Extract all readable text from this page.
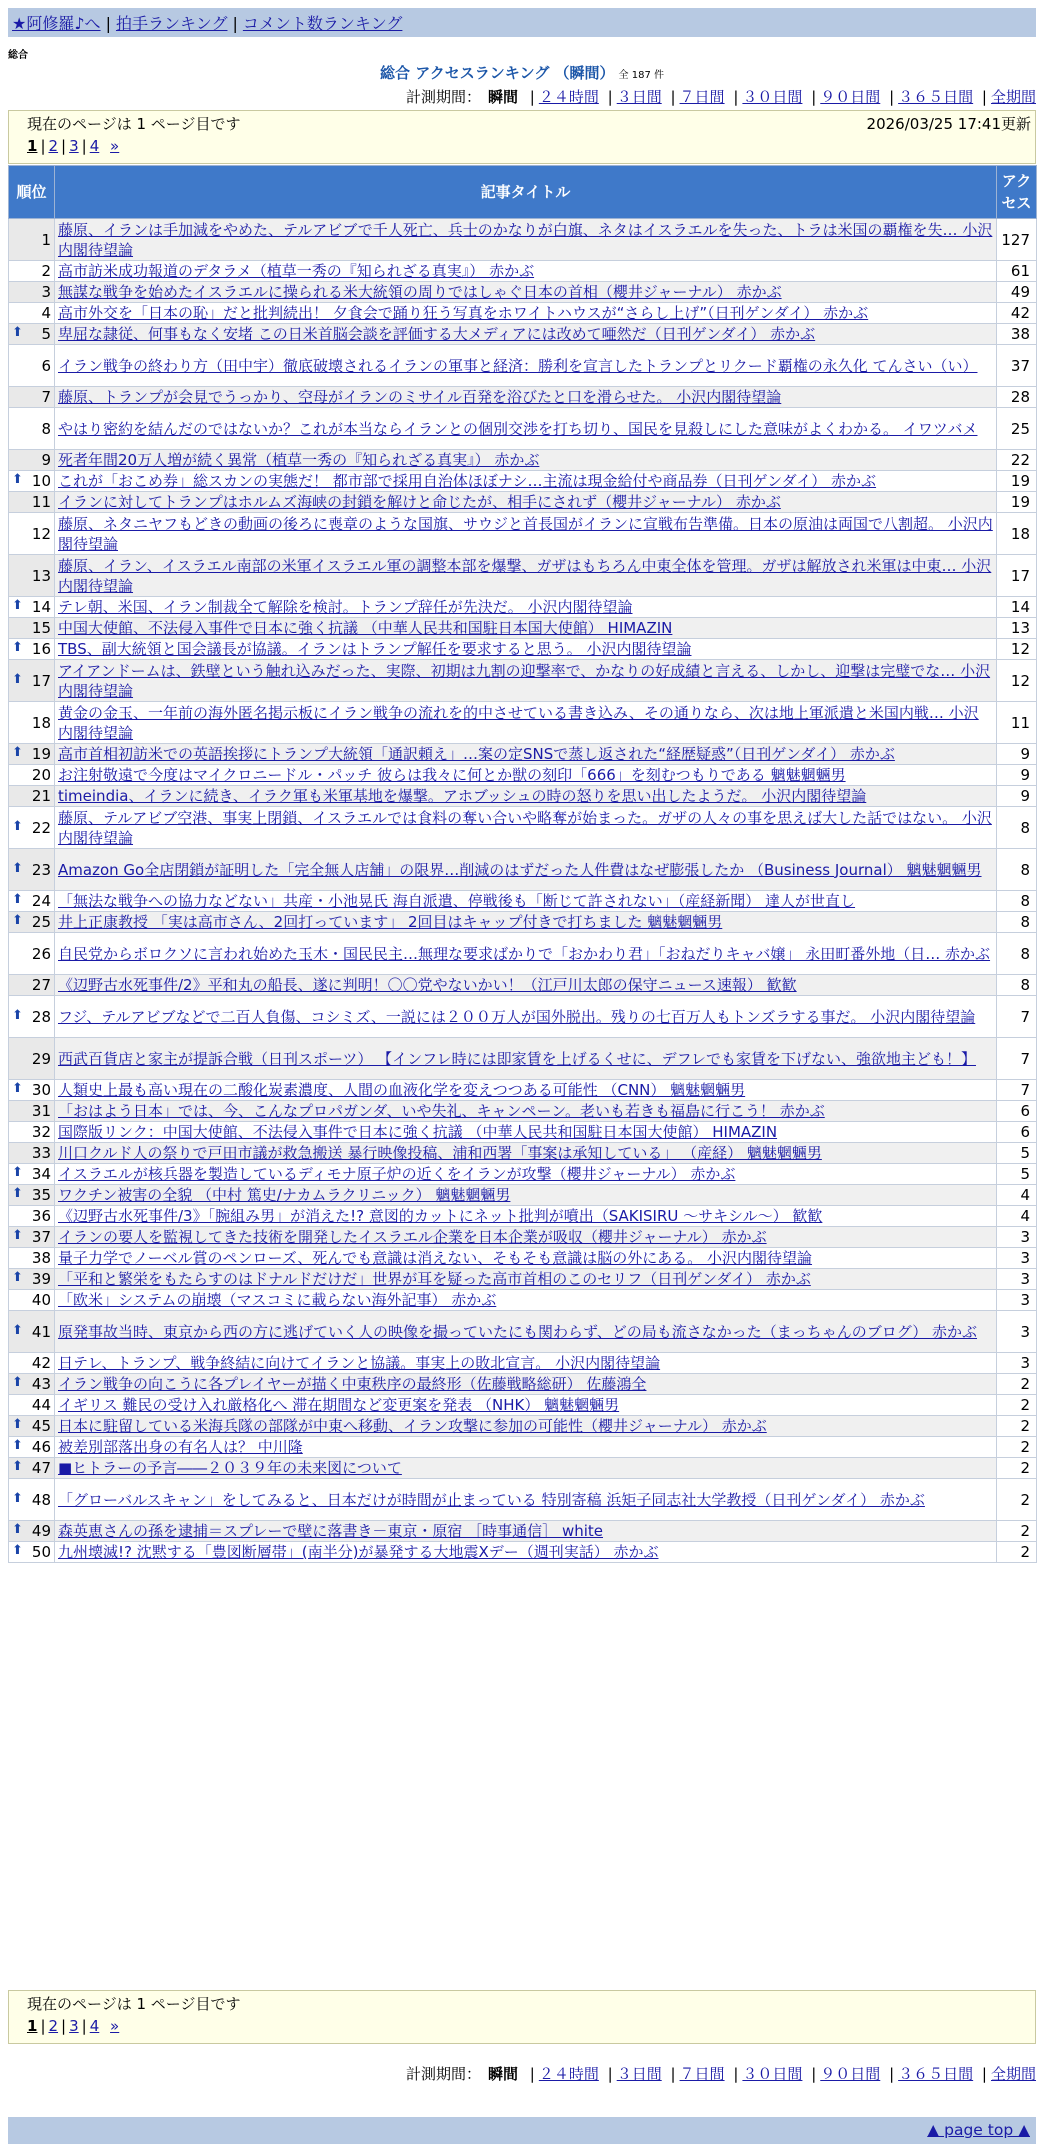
★阿修羅♪へ | 拍手ランキング | コメント数ランキング
総合
総合 アクセスランキング （瞬間） 全 187 件
計測期間： 瞬間 | ２４時間 | ３日間 | ７日間 | ３０日間 | ９０日間 | ３６５日間 | 全期間
現在のページは 1 ページ目です	2026/03/25 17:41更新
1 | 2 | 3 | 4 »
順位	記事タイトル	アクセス
1	藤原、イランは手加減をやめた、テルアビブで千人死亡、兵士のかなりが白旗、ネタはイスラエルを失った、トラは米国の覇権を失… 小沢内閣待望論	127
2	高市訪米成功報道のデタラメ（植草一秀の『知られざる真実』） 赤かぶ	61
3	無謀な戦争を始めたイスラエルに操られる米大統領の周りではしゃぐ日本の首相（櫻井ジャーナル） 赤かぶ	49
4	高市外交を「日本の恥」だと批判続出！ 夕食会で踊り狂う写真をホワイトハウスが“さらし上げ”（日刊ゲンダイ） 赤かぶ	42

⬆ 5	卑屈な隷従、何事もなく安堵 この日米首脳会談を評価する大メディアには改めて唖然だ（日刊ゲンダイ） 赤かぶ	38
6	イラン戦争の終わり方（田中宇）徹底破壊されるイランの軍事と経済：勝利を宣言したトランプとリクード覇権の永久化 てんさい（い）	37
7	藤原、トランプが会見でうっかり、空母がイランのミサイル百発を浴びたと口を滑らせた。 小沢内閣待望論	28
8	やはり密約を結んだのではないか？これが本当ならイランとの個別交渉を打ち切り、国民を見殺しにした意味がよくわかる。 イワツバメ	25
9	死者年間20万人増が続く異常（植草一秀の『知られざる真実』） 赤かぶ	22

⬆ 10	これが「おこめ券」総スカンの実態だ！ 都市部で採用自治体ほぼナシ…主流は現金給付や商品券（日刊ゲンダイ） 赤かぶ	19
11	イランに対してトランプはホルムズ海峡の封鎖を解けと命じたが、相手にされず（櫻井ジャーナル） 赤かぶ	19
12	藤原、ネタニヤフもどきの動画の後ろに喪章のような国旗、サウジと首長国がイランに宣戦布告準備。日本の原油は両国で八割超。 小沢内閣待望論	18
13	藤原、イラン、イスラエル南部の米軍イスラエル軍の調整本部を爆撃、ガザはもちろん中東全体を管理。ガザは解放され米軍は中東… 小沢内閣待望論	17

⬆ 14	テレ朝、米国、イラン制裁全て解除を検討。トランプ辞任が先決だ。 小沢内閣待望論	14
15	中国大使館、不法侵入事件で日本に強く抗議 （中華人民共和国駐日本国大使館） HIMAZIN	13

⬆ 16	TBS、副大統領と国会議長が協議。イランはトランプ解任を要求すると思う。 小沢内閣待望論	12

⬆ 17	アイアンドームは、鉄壁という触れ込みだった、実際、初期は九割の迎撃率で、かなりの好成績と言える、しかし、迎撃は完璧でな… 小沢内閣待望論	12
18	黄金の金玉、一年前の海外匿名掲示板にイラン戦争の流れを的中させている書き込み、その通りなら、次は地上軍派遣と米国内戦… 小沢内閣待望論	11

⬆ 19	高市首相初訪米での英語挨拶にトランプ大統領「通訳頼え」…案の定SNSで蒸し返された“経歴疑惑”（日刊ゲンダイ） 赤かぶ	9
20	お注射敬遠で今度はマイクロニードル・パッチ 彼らは我々に何とか獣の刻印「666」を刻むつもりである 魑魅魍魎男	9
21	timeindia、イランに続き、イラク軍も米軍基地を爆撃。アホブッシュの時の怒りを思い出したようだ。 小沢内閣待望論	9

⬆ 22	藤原、テルアビブ空港、事実上閉鎖、イスラエルでは食料の奪い合いや略奪が始まった。ガザの人々の事を思えば大した話ではない。 小沢内閣待望論	8

⬆ 23	Amazon Go全店閉鎖が証明した「完全無人店舗」の限界…削減のはずだった人件費はなぜ膨張したか （Business Journal） 魑魅魍魎男	8

⬆ 24	「無法な戦争への協力などない」共産・小池晃氏 海自派遣、停戦後も「断じて許されない」（産経新聞） 達人が世直し	8

⬆ 25	井上正康教授 「実は高市さん、2回打っています」 2回目はキャップ付きで打ちました 魑魅魍魎男	8
26	自民党からボロクソに言われ始めた玉木・国民民主…無理な要求ばかりで「おかわり君」「おねだりキャバ嬢」 永田町番外地（日… 赤かぶ	8
27	《辺野古水死事件/2》平和丸の船長、遂に判明！〇〇党やないかい！（江戸川太郎の保守ニュース速報） 歓歓	8

⬆ 28	フジ、テルアビブなどで二百人負傷、コシミズ、一説には２００万人が国外脱出。残りの七百万人もトンズラする事だ。 小沢内閣待望論	7
29	西武百貨店と家主が提訴合戦（日刊スポーツ） 【インフレ時には即家賃を上げるくせに、デフレでも家賃を下げない、強欲地主ども！】	7

⬆ 30	人類史上最も高い現在の二酸化炭素濃度、人間の血液化学を変えつつある可能性 （CNN） 魑魅魍魎男	7
31	「おはよう日本」では、今、こんなプロパガンダ、いや失礼、キャンペーン。老いも若きも福島に行こう！ 赤かぶ	6
32	国際版リンク：中国大使館、不法侵入事件で日本に強く抗議 （中華人民共和国駐日本国大使館） HIMAZIN	6
33	川口クルド人の祭りで戸田市議が救急搬送 暴行映像投稿、浦和西署「事案は承知している」 （産経） 魑魅魍魎男	5

⬆ 34	イスラエルが核兵器を製造しているディモナ原子炉の近くをイランが攻撃（櫻井ジャーナル） 赤かぶ	5

⬆ 35	ワクチン被害の全貌 （中村 篤史/ナカムラクリニック） 魑魅魍魎男	4
36	《辺野古水死事件/3》「腕組み男」が消えた!? 意図的カットにネット批判が噴出（SAKISIRU ～サキシル～） 歓歓	4

⬆ 37	イランの要人を監視してきた技術を開発したイスラエル企業を日本企業が吸収（櫻井ジャーナル） 赤かぶ	3
38	量子力学でノーベル賞のペンローズ、死んでも意識は消えない、そもそも意識は脳の外にある。 小沢内閣待望論	3

⬆ 39	「平和と繁栄をもたらすのはドナルドだけだ」世界が耳を疑った高市首相のこのセリフ（日刊ゲンダイ） 赤かぶ	3
40	「欧米」システムの崩壊（マスコミに載らない海外記事） 赤かぶ	3

⬆ 41	原発事故当時、東京から西の方に逃げていく人の映像を撮っていたにも関わらず、どの局も流さなかった（まっちゃんのブログ） 赤かぶ	3
42	日テレ、トランプ、戦争終結に向けてイランと協議。事実上の敗北宣言。 小沢内閣待望論	3

⬆ 43	イラン戦争の向こうに各プレイヤーが描く中東秩序の最終形（佐藤戦略総研） 佐藤鴻全	2
44	イギリス 難民の受け入れ厳格化へ 滞在期間など変更案を発表 （NHK） 魑魅魍魎男	2

⬆ 45	日本に駐留している米海兵隊の部隊が中東へ移動、イラン攻撃に参加の可能性（櫻井ジャーナル） 赤かぶ	2

⬆ 46	被差別部落出身の有名人は？ 中川隆	2

⬆ 47	■ヒトラーの予言――２０３９年の未来図について	2

⬆ 48	「グローバルスキャン」をしてみると、日本だけが時間が止まっている 特別寄稿 浜矩子同志社大学教授（日刊ゲンダイ） 赤かぶ	2

⬆ 49	森英恵さんの孫を逮捕＝スプレーで壁に落書き－東京・原宿 ［時事通信］ white	2

⬆ 50	九州壊滅!? 沈黙する「豊図断層帯」(南半分)が暴発する大地震Xデー（週刊実話） 赤かぶ	2
現在のページは 1 ページ目です
1 | 2 | 3 | 4 »
計測期間： 瞬間 | ２４時間 | ３日間 | ７日間 | ３０日間 | ９０日間 | ３６５日間 | 全期間
▲ page top ▲
